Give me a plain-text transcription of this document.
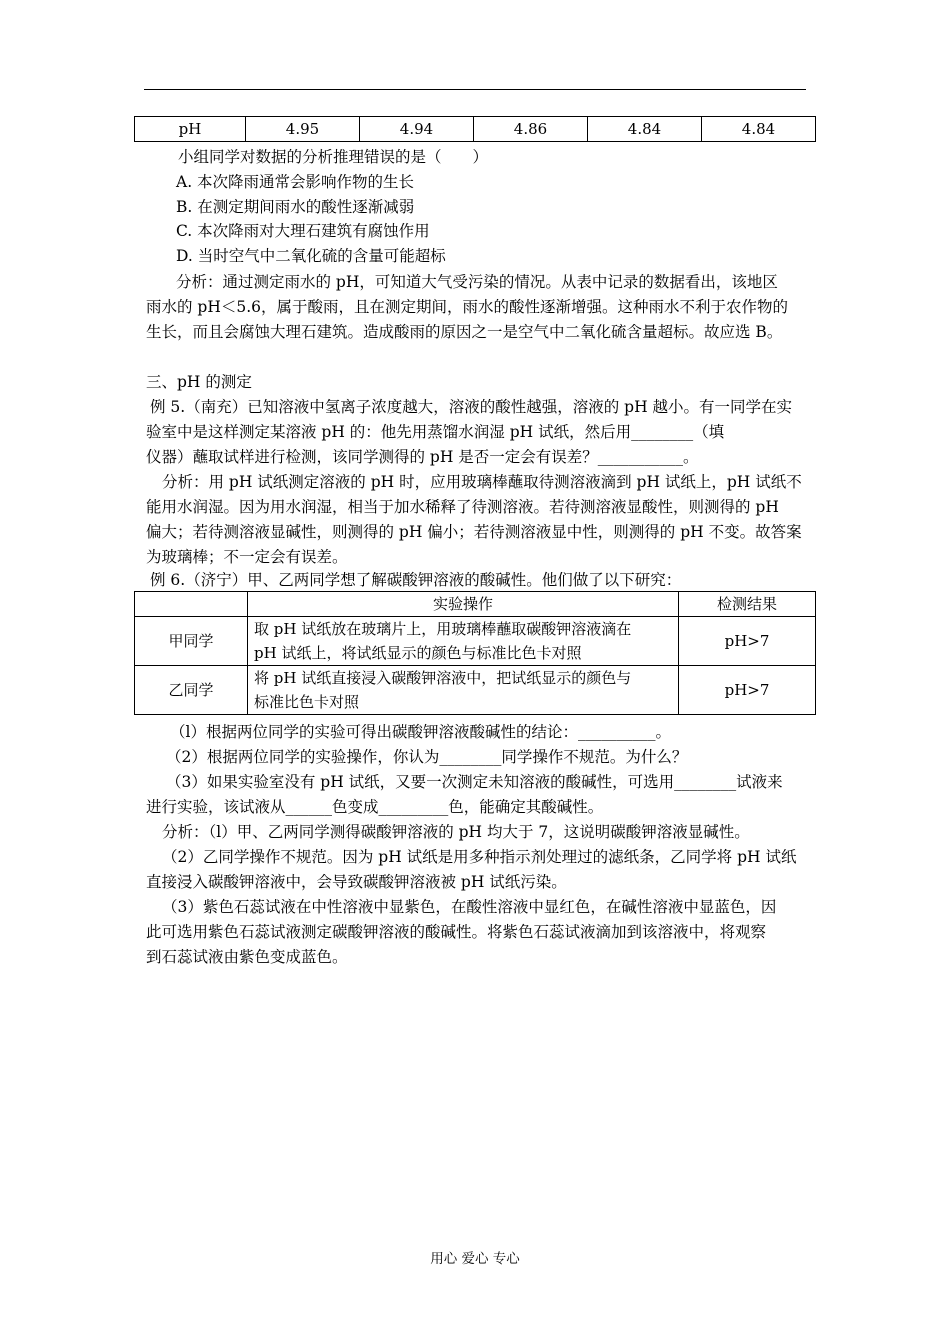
pH	4.95	4.94	4.86	4.84	4.84
小组同学对数据的分析推理错误的是（　　）
A. 本次降雨通常会影响作物的生长
B. 在测定期间雨水的酸性逐渐减弱
C. 本次降雨对大理石建筑有腐蚀作用
D. 当时空气中二氧化硫的含量可能超标
分析：通过测定雨水的 pH，可知道大气受污染的情况。从表中记录的数据看出，该地区
雨水的 pH＜5.6，属于酸雨，且在测定期间，雨水的酸性逐渐增强。这种雨水不利于农作物的
生长，而且会腐蚀大理石建筑。造成酸雨的原因之一是空气中二氧化硫含量超标。故应选 B。
三、pH 的测定
例 5.（南充）已知溶液中氢离子浓度越大，溶液的酸性越强，溶液的 pH 越小。有一同学在实
验室中是这样测定某溶液 pH 的：他先用蒸馏水润湿 pH 试纸，然后用________（填
仪器）蘸取试样进行检测，该同学测得的 pH 是否一定会有误差？___________。
分析：用 pH 试纸测定溶液的 pH 时，应用玻璃棒蘸取待测溶液滴到 pH 试纸上，pH 试纸不
能用水润湿。因为用水润湿，相当于加水稀释了待测溶液。若待测溶液显酸性，则测得的 pH
偏大；若待测溶液显碱性，则测得的 pH 偏小；若待测溶液显中性，则测得的 pH 不变。故答案
为玻璃棒；不一定会有误差。
例 6.（济宁）甲、乙两同学想了解碳酸钾溶液的酸碱性。他们做了以下研究：
	实验操作	检测结果
甲同学	取 pH 试纸放在玻璃片上，用玻璃棒蘸取碳酸钾溶液滴在
pH 试纸上，将试纸显示的颜色与标准比色卡对照	pH>7
乙同学	将 pH 试纸直接浸入碳酸钾溶液中，把试纸显示的颜色与
标准比色卡对照	pH>7
（l）根据两位同学的实验可得出碳酸钾溶液酸碱性的结论：__________。
（2）根据两位同学的实验操作，你认为________同学操作不规范。为什么？
（3）如果实验室没有 pH 试纸，又要一次测定未知溶液的酸碱性，可选用________试液来
进行实验，该试液从______色变成_________色，能确定其酸碱性。
分析：（l）甲、乙两同学测得碳酸钾溶液的 pH 均大于 7，这说明碳酸钾溶液显碱性。
（2）乙同学操作不规范。因为 pH 试纸是用多种指示剂处理过的滤纸条，乙同学将 pH 试纸
直接浸入碳酸钾溶液中，会导致碳酸钾溶液被 pH 试纸污染。
（3）紫色石蕊试液在中性溶液中显紫色，在酸性溶液中显红色，在碱性溶液中显蓝色，因
此可选用紫色石蕊试液测定碳酸钾溶液的酸碱性。将紫色石蕊试液滴加到该溶液中，将观察
到石蕊试液由紫色变成蓝色。
用心 爱心 专心
